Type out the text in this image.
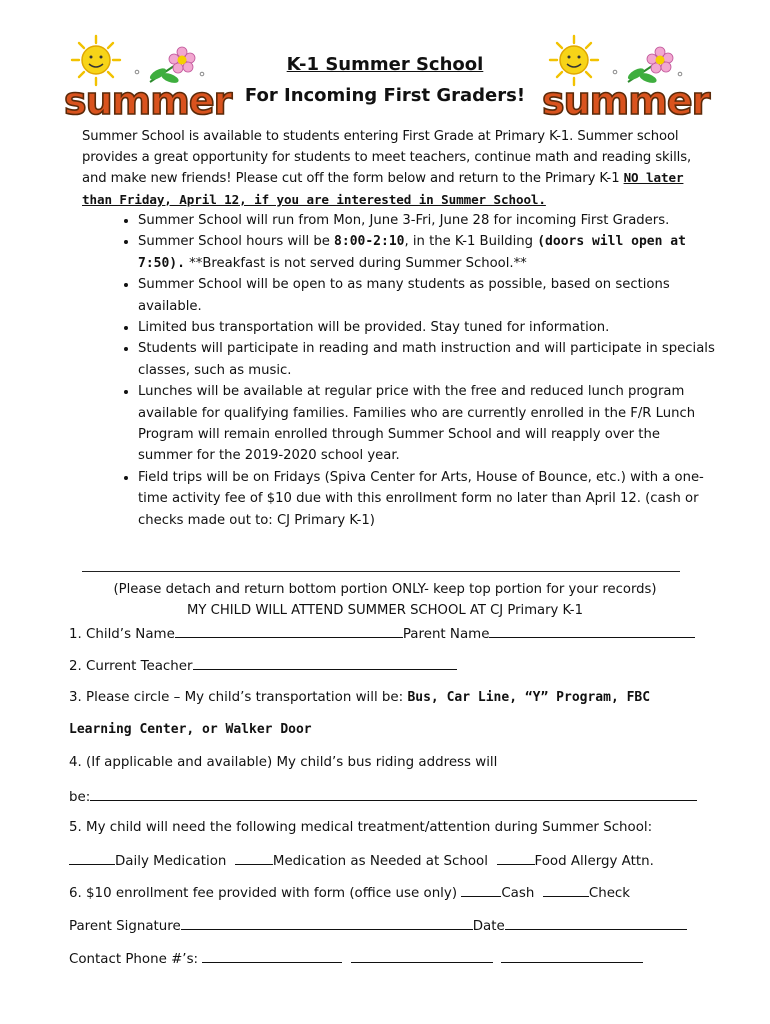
summer	summer
K-1 Summer School
For Incoming First Graders!

Summer School is available to students entering First Grade at Primary K-1. Summer school provides a great opportunity for students to meet teachers, continue math and reading skills, and make new friends! Please cut off the form below and return to the Primary K-1 NO later than Friday, April 12, if you are interested in Summer School.

• Summer School will run from Mon, June 3-Fri, June 28 for incoming First Graders.
• Summer School hours will be 8:00-2:10, in the K-1 Building (doors will open at 7:50). **Breakfast is not served during Summer School.**
• Summer School will be open to as many students as possible, based on sections available.
• Limited bus transportation will be provided. Stay tuned for information.
• Students will participate in reading and math instruction and will participate in specials classes, such as music.
• Lunches will be available at regular price with the free and reduced lunch program available for qualifying families. Families who are currently enrolled in the F/R Lunch Program will remain enrolled through Summer School and will reapply over the summer for the 2019-2020 school year.
• Field trips will be on Fridays (Spiva Center for Arts, House of Bounce, etc.) with a one-time activity fee of $10 due with this enrollment form no later than April 12. (cash or checks made out to: CJ Primary K-1)
(Please detach and return bottom portion ONLY- keep top portion for your records)
MY CHILD WILL ATTEND SUMMER SCHOOL AT CJ Primary K-1
1. Child’s Name	Parent Name
2. Current Teacher
3. Please circle – My child’s transportation will be: Bus, Car Line, “Y” Program, FBC
Learning Center, or Walker Door
4. (If applicable and available) My child’s bus riding address will
be:
5. My child will need the following medical treatment/attention during Summer School:
Daily Medication	Medication as Needed at School	Food Allergy Attn.
6. $10 enrollment fee provided with form (office use only)	Cash	Check
Parent Signature	Date
Contact Phone #’s:
